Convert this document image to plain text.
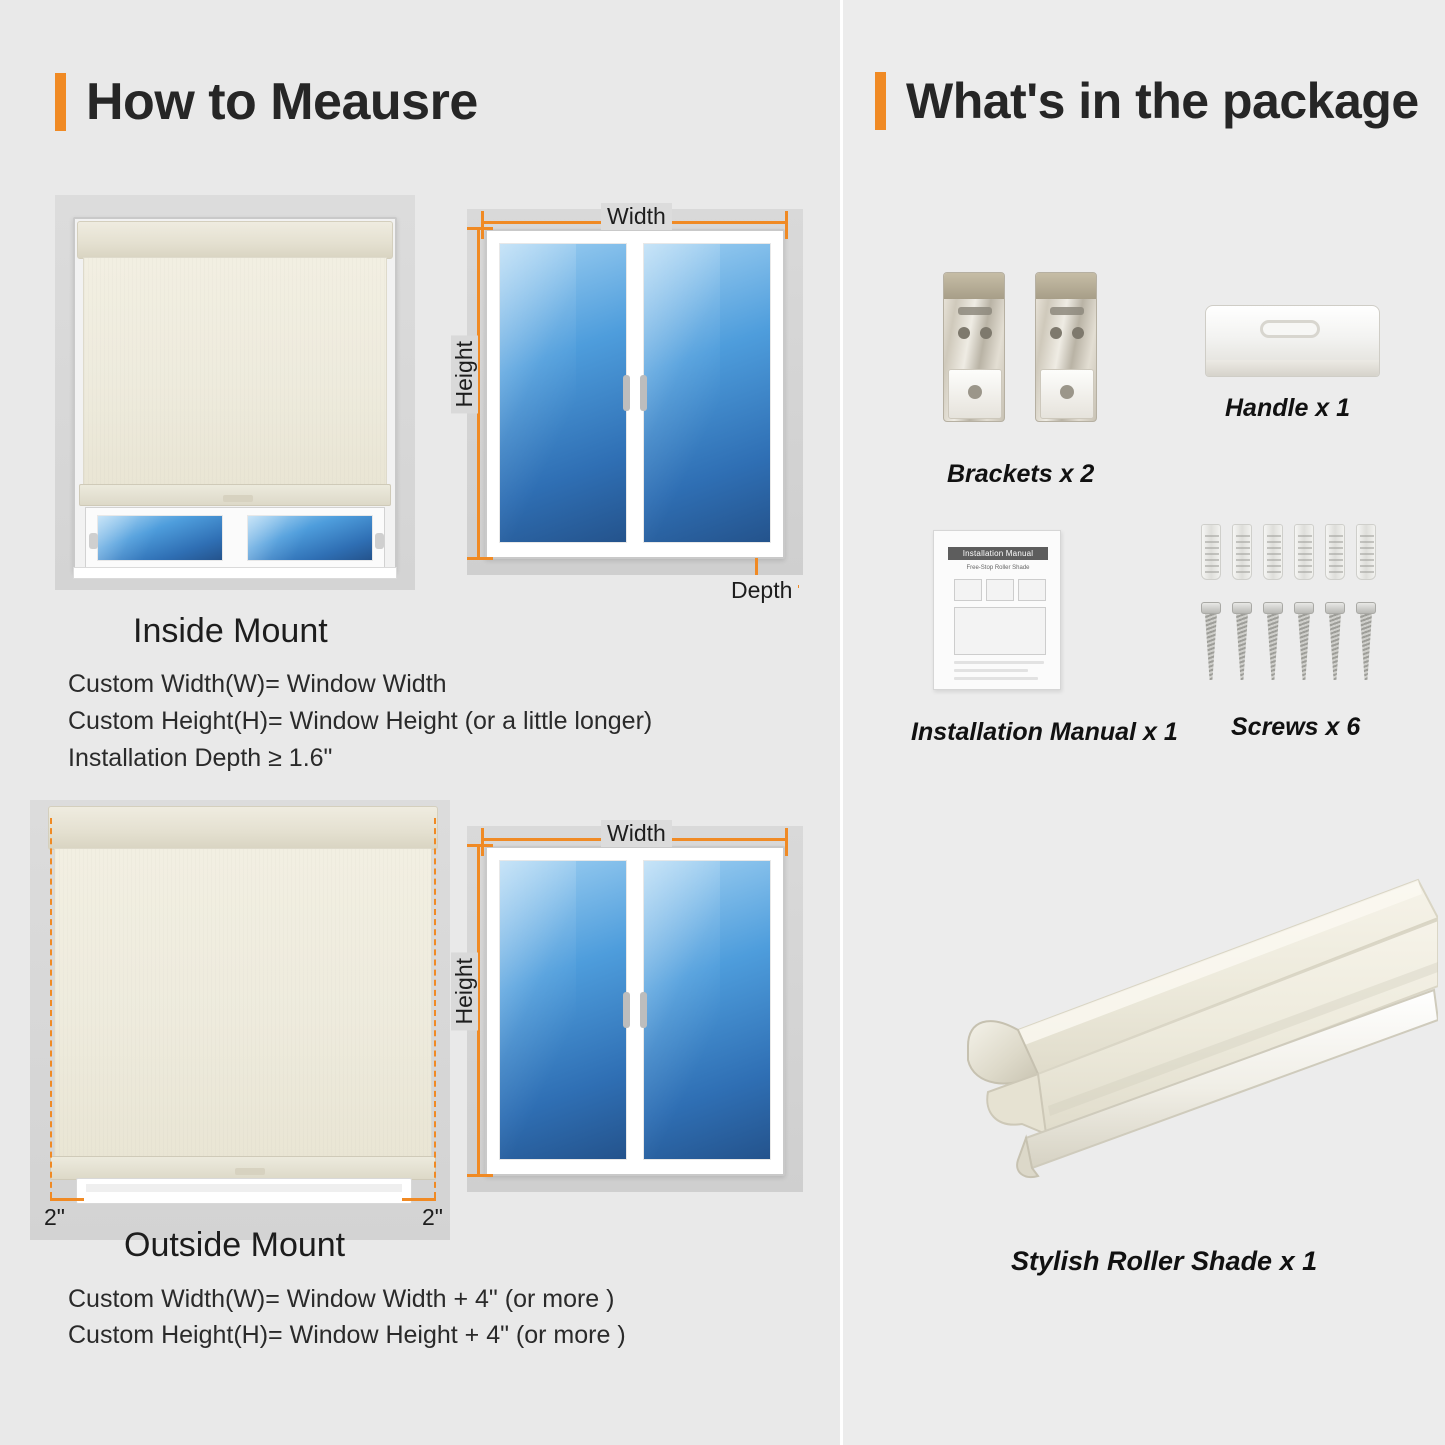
How to Meausre
Width
Height
Depth
Inside Mount
Custom Width(W)= Window Width
Custom Height(H)= Window Height (or a little longer)
Installation Depth ≥ 1.6"
2"	2"
Width
Height
Outside Mount
Custom Width(W)= Window Width + 4" (or more )
Custom Height(H)= Window Height + 4" (or more )
What's in the package
Brackets x 2
Handle x 1
Installation Manual
Free-Stop Roller Shade
Installation Manual x 1 Screws x 6
Stylish Roller Shade x 1
